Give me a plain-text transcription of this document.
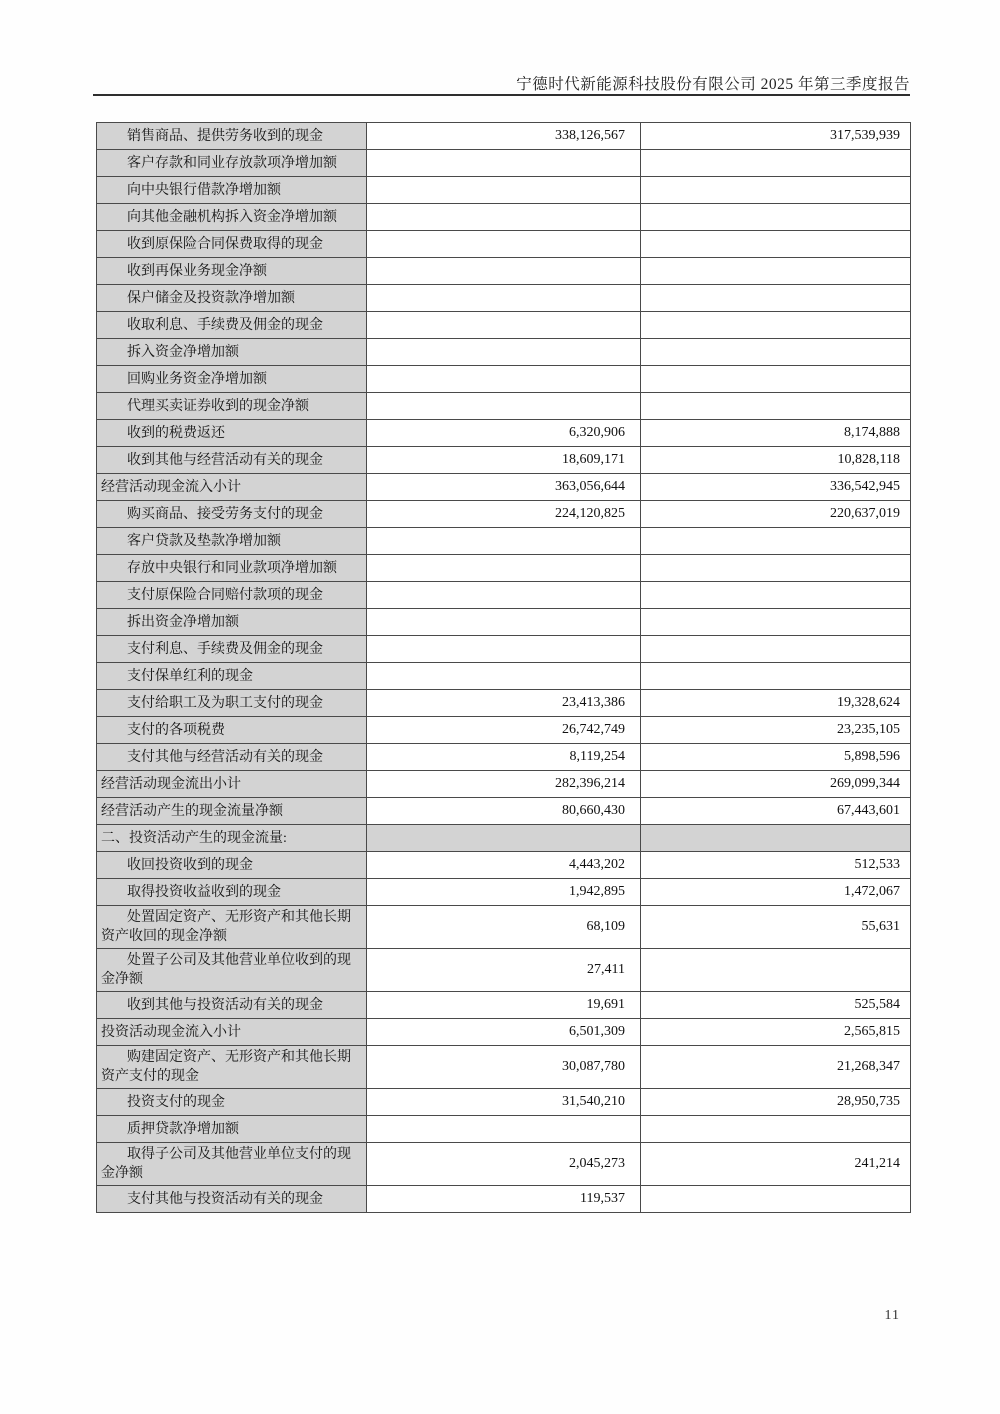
宁德时代新能源科技股份有限公司 2025 年第三季度报告
销售商品、提供劳务收到的现金	338,126,567	317,539,939

客户存款和同业存放款项净增加额		

向中央银行借款净增加额		

向其他金融机构拆入资金净增加额		

收到原保险合同保费取得的现金		

收到再保业务现金净额		

保户储金及投资款净增加额		

收取利息、手续费及佣金的现金		

拆入资金净增加额		

回购业务资金净增加额		

代理买卖证券收到的现金净额		

收到的税费返还	6,320,906	8,174,888

收到其他与经营活动有关的现金	18,609,171	10,828,118

经营活动现金流入小计	363,056,644	336,542,945

购买商品、接受劳务支付的现金	224,120,825	220,637,019

客户贷款及垫款净增加额		

存放中央银行和同业款项净增加额		

支付原保险合同赔付款项的现金		

拆出资金净增加额		

支付利息、手续费及佣金的现金		

支付保单红利的现金		

支付给职工及为职工支付的现金	23,413,386	19,328,624

支付的各项税费	26,742,749	23,235,105

支付其他与经营活动有关的现金	8,119,254	5,898,596

经营活动现金流出小计	282,396,214	269,099,344

经营活动产生的现金流量净额	80,660,430	67,443,601

二、投资活动产生的现金流量:		

收回投资收到的现金	4,443,202	512,533

取得投资收益收到的现金	1,942,895	1,472,067

处置固定资产、无形资产和其他长期资产收回的现金净额	68,109	55,631

处置子公司及其他营业单位收到的现金净额	27,411	

收到其他与投资活动有关的现金	19,691	525,584

投资活动现金流入小计	6,501,309	2,565,815

购建固定资产、无形资产和其他长期资产支付的现金	30,087,780	21,268,347

投资支付的现金	31,540,210	28,950,735

质押贷款净增加额		

取得子公司及其他营业单位支付的现金净额	2,045,273	241,214

支付其他与投资活动有关的现金	119,537	
11
